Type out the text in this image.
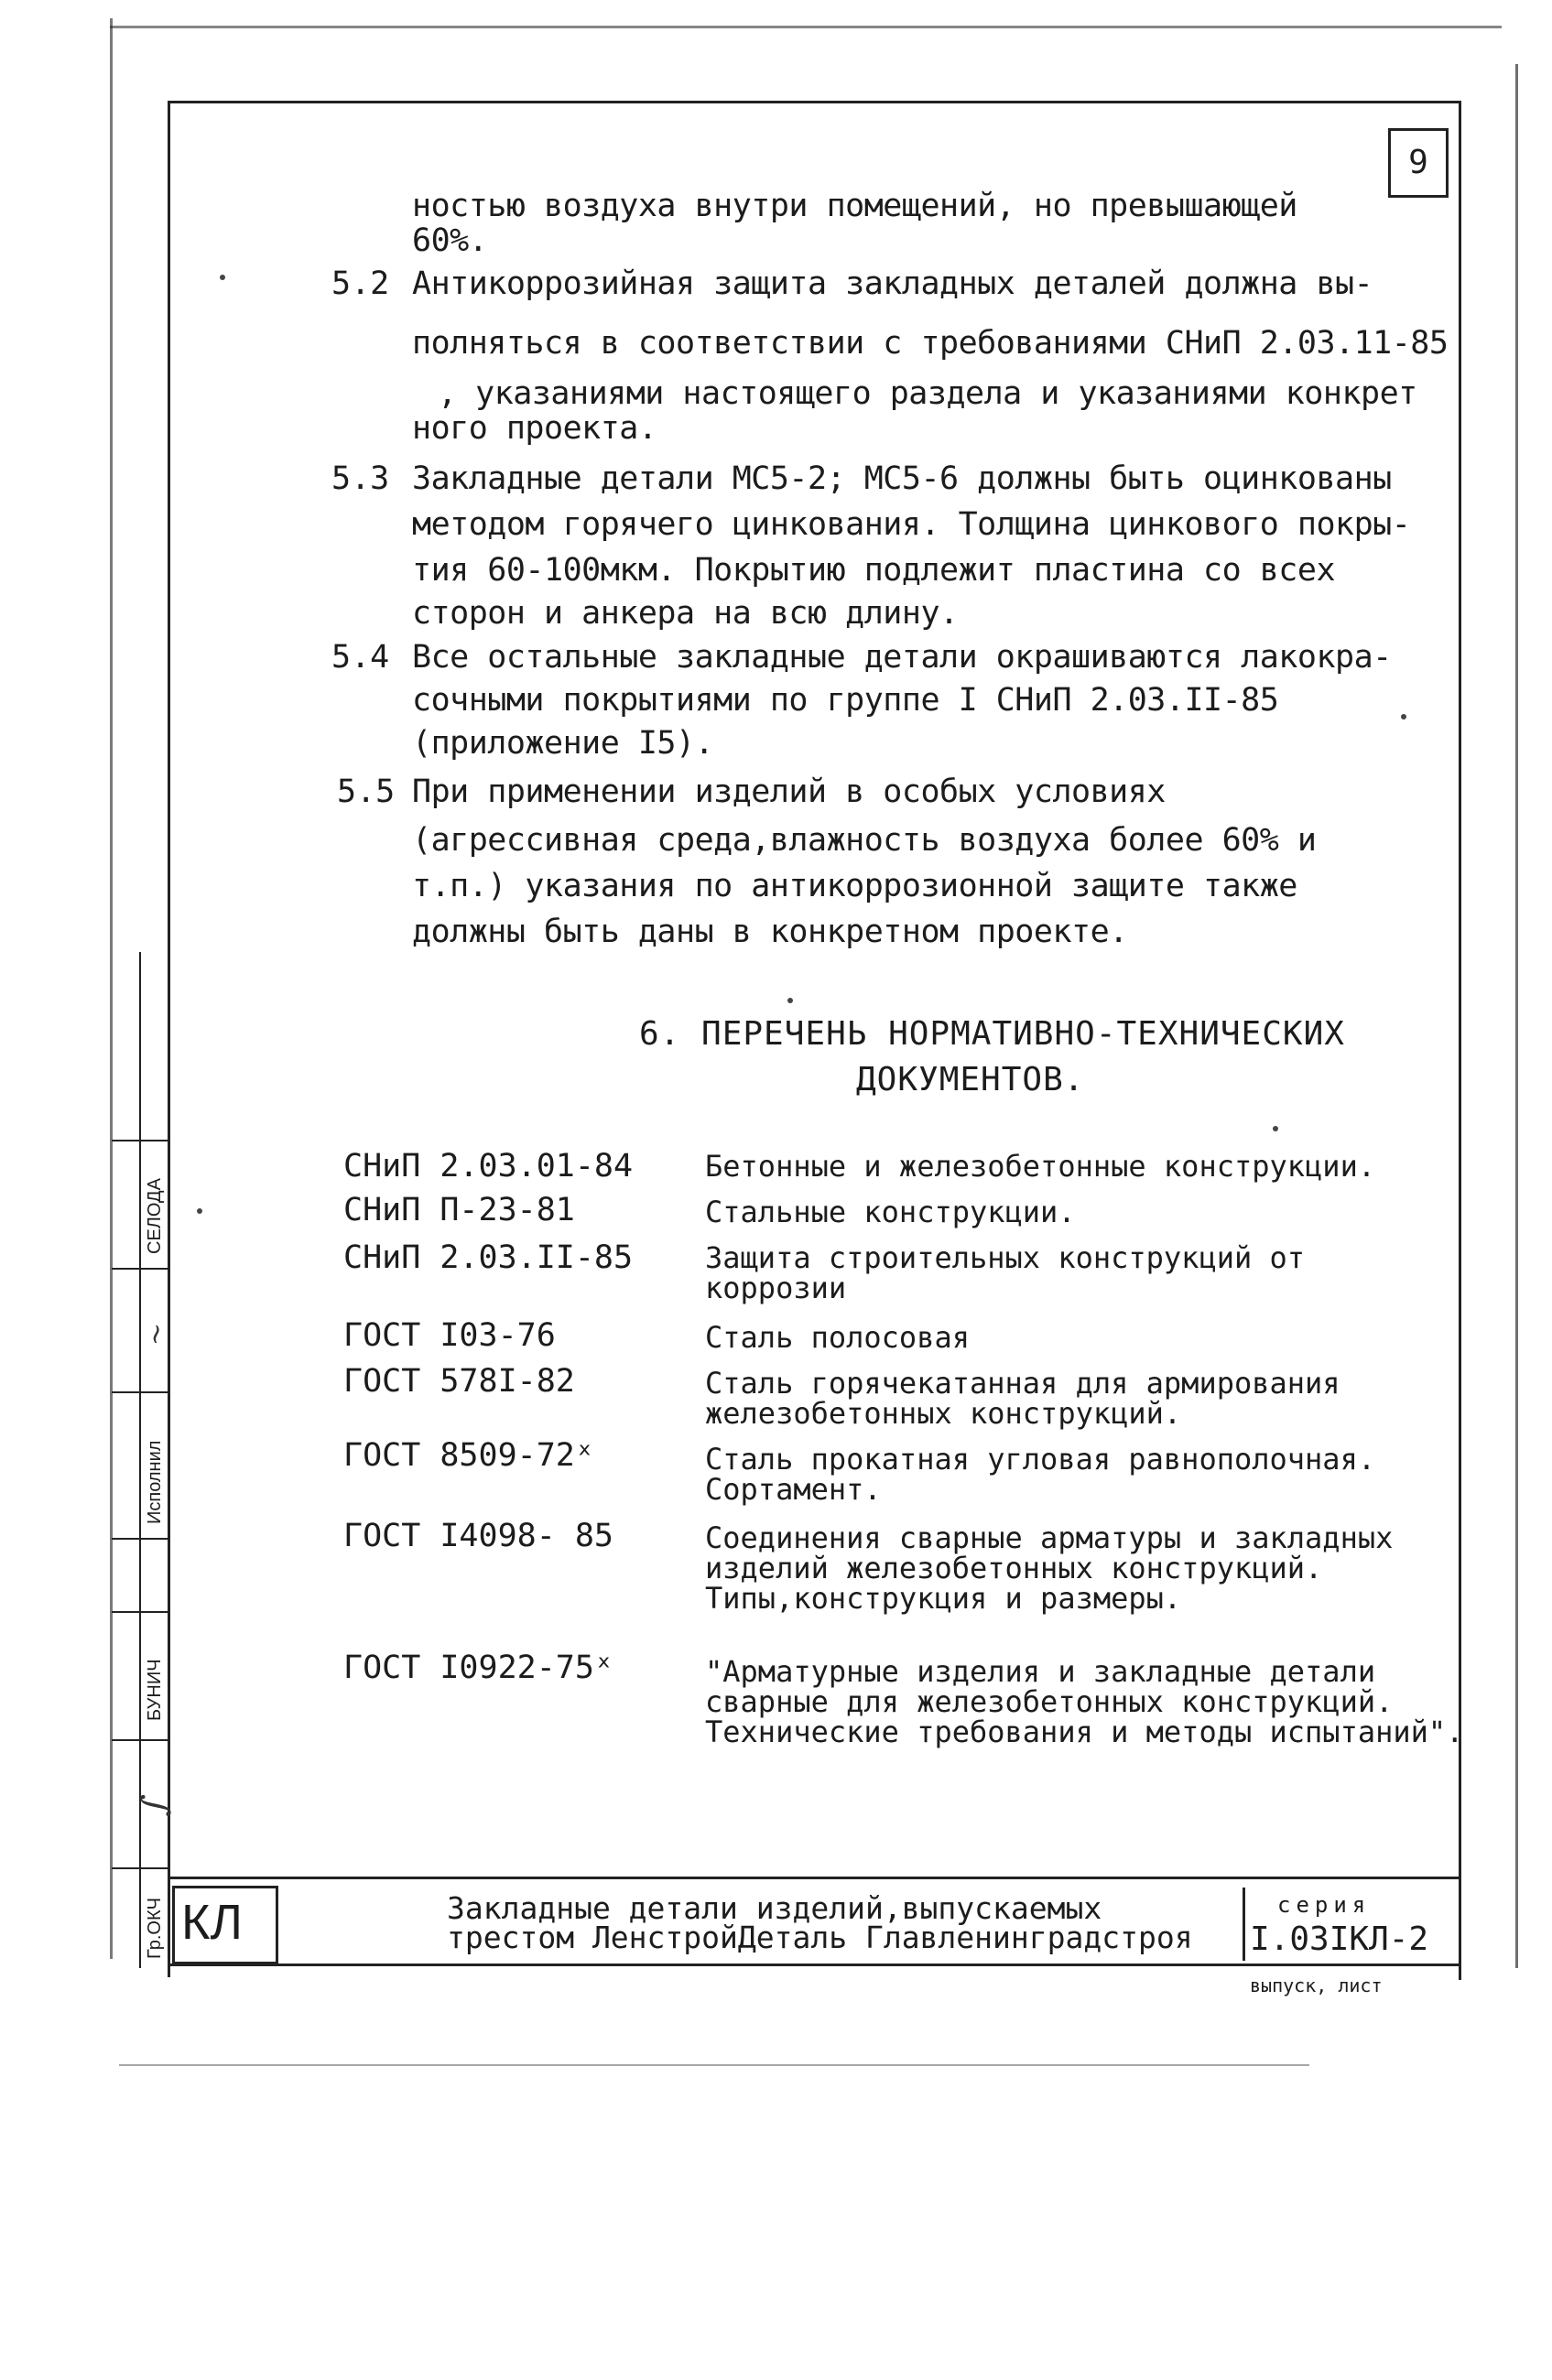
9
ностью воздуха внутри помещений, но превышающей
60%.
5.2 Антикоррозийная защита закладных деталей должна вы-
полняться в соответствии с требованиями СНиП 2.03.11-85
, указаниями настоящего раздела и указаниями конкрет
ного проекта.
5.3 Закладные детали МС5-2; МС5-6 должны быть оцинкованы
методом горячего цинкования. Толщина цинкового покры-
тия 60-100мкм. Покрытию подлежит пластина со всех
сторон и анкера на всю длину.
5.4 Все остальные закладные детали окрашиваются лакокра-
сочными покрытиями по группе I СНиП 2.03.II-85
(приложение I5).
5.5 При применении изделий в особых условиях
(агрессивная среда,влажность воздуха более 60% и
т.п.) указания по антикоррозионной защите также
должны быть даны в конкретном проекте.
6. ПЕРЕЧЕНЬ НОРМАТИВНО-ТЕХНИЧЕСКИХ
ДОКУМЕНТОВ.
СНиП 2.03.01-84 Бетонные и железобетонные конструкции.
СНиП П-23-81	Стальные конструкции.
СНиП 2.03.II-85 Защита строительных конструкций от коррозии
ГОСТ I03-76	Сталь полосовая
ГОСТ 578I-82	Сталь горячекатанная для армирования железобетонных конструкций.
ГОСТ 8509-72ˣ	Сталь прокатная угловая равнополочная. Сортамент.
ГОСТ I4098- 85	Соединения сварные арматуры и закладных изделий железобетонных конструкций. Типы,конструкция и размеры.
ГОСТ I0922-75ˣ	"Арматурные изделия и закладные детали сварные для железобетонных конструкций. Технические требования и методы испытаний".
КЛ	Закладные детали изделий,выпускаемых
трестом ЛенстройДеталь Главленинградстроя
серия
I.03IКЛ-2
выпуск, лист
Гр.ОКЧ
БУНИЧ
Исполнил
СЕЛОДА
∫
~
